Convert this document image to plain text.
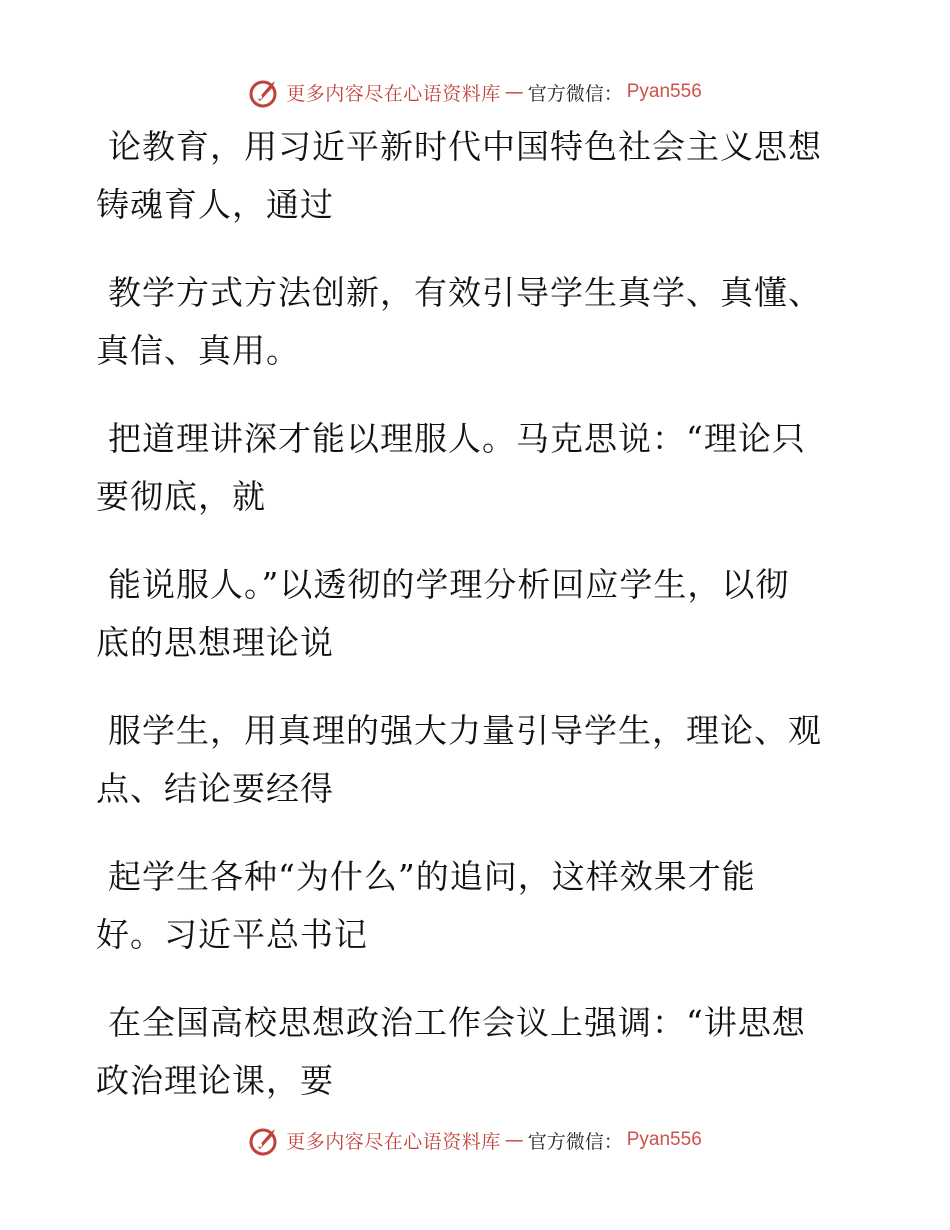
更多内容尽在心语资料库 — 官方微信： Pyan556
论教育，用习近平新时代中国特色社会主义思想
铸魂育人，通过
教学方式方法创新，有效引导学生真学、真懂、
真信、真用。
把道理讲深才能以理服人。马克思说：“理论只
要彻底，就
能说服人。”以透彻的学理分析回应学生，以彻
底的思想理论说
服学生，用真理的强大力量引导学生，理论、观
点、结论要经得
起学生各种“为什么”的追问，这样效果才能
好。习近平总书记
在全国高校思想政治工作会议上强调：“讲思想
政治理论课，要
更多内容尽在心语资料库 — 官方微信： Pyan556
